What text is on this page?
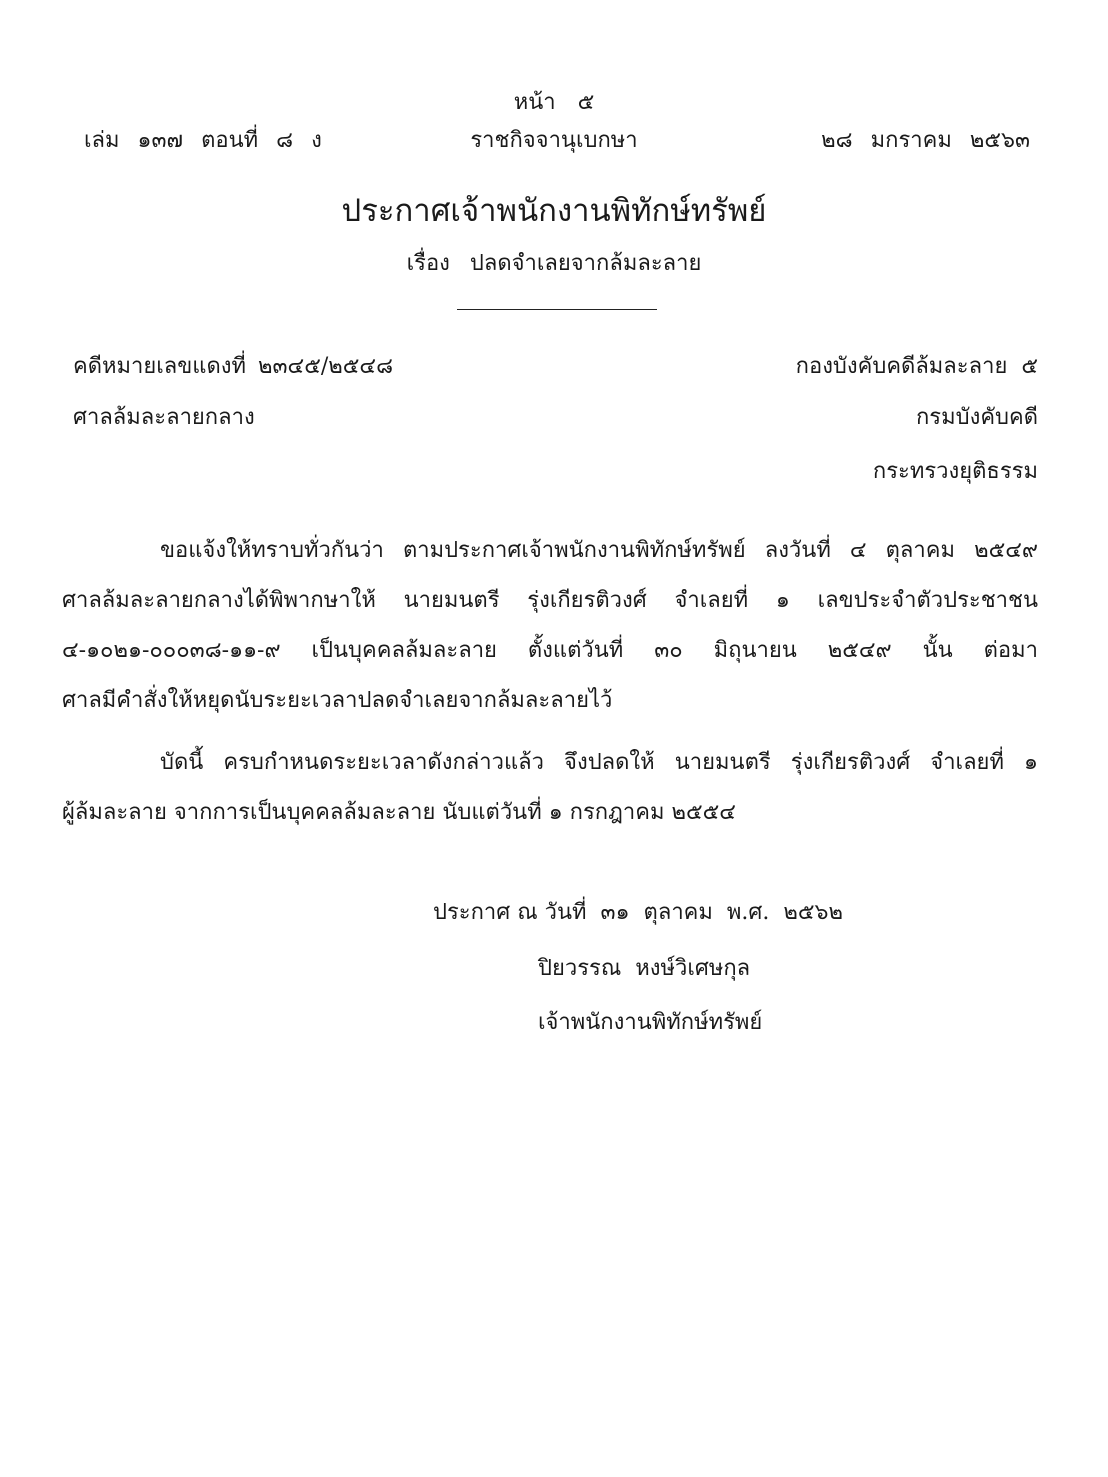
หน้า ๕
เล่ม ๑๓๗ ตอนที่ ๘ ง	ราชกิจจานุเบกษา	๒๘ มกราคม ๒๕๖๓
ประกาศเจ้าพนักงานพิทักษ์ทรัพย์
เรื่อง ปลดจำเลยจากล้มละลาย
คดีหมายเลขแดงที่ ๒๓๔๕/๒๕๔๘
ศาลล้มละลายกลาง
กองบังคับคดีล้มละลาย ๕
กรมบังคับคดี
กระทรวงยุติธรรม
ขอแจ้งให้ทราบทั่วกันว่า ตามประกาศเจ้าพนักงานพิทักษ์ทรัพย์ ลงวันที่ ๔ ตุลาคม ๒๕๔๙
ศาลล้มละลายกลางได้พิพากษาให้ นายมนตรี รุ่งเกียรติวงศ์ จำเลยที่ ๑ เลขประจำตัวประชาชน
๔-๑๐๒๑-๐๐๐๓๘-๑๑-๙ เป็นบุคคลล้มละลาย ตั้งแต่วันที่ ๓๐ มิถุนายน ๒๕๔๙ นั้น ต่อมา
ศาลมีคำสั่งให้หยุดนับระยะเวลาปลดจำเลยจากล้มละลายไว้
บัดนี้ ครบกำหนดระยะเวลาดังกล่าวแล้ว จึงปลดให้ นายมนตรี รุ่งเกียรติวงศ์ จำเลยที่ ๑
ผู้ล้มละลาย จากการเป็นบุคคลล้มละลาย นับแต่วันที่ ๑ กรกฎาคม ๒๕๕๔
ประกาศ ณ วันที่ ๓๑ ตุลาคม พ.ศ. ๒๕๖๒
ปิยวรรณ หงษ์วิเศษกุล
เจ้าพนักงานพิทักษ์ทรัพย์
